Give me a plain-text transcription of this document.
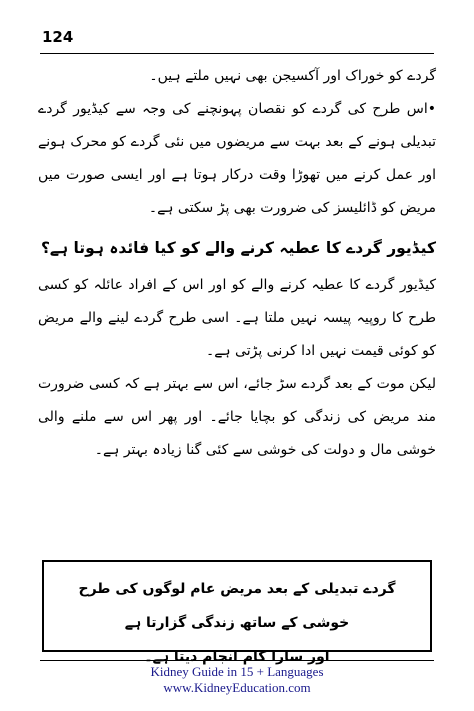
124

گردے کو خوراک اور آکسیجن بھی نہیں ملتے ہیں۔

•اس طرح کی گردے کو نقصان پہونچنے کی وجہ سے کیڈیور گردے تبدیلی ہونے کے بعد بہت سے مریضوں میں نئی گردے کو محرک ہونے اور عمل کرنے میں تھوڑا وقت درکار ہوتا ہے اور ایسی صورت میں مریض کو ڈائلیسز کی ضرورت بھی پڑ سکتی ہے۔

کیڈیور گردے کا عطیہ کرنے والے کو کیا فائدہ ہوتا ہے؟

کیڈیور گردے کا عطیہ کرنے والے کو اور اس کے افراد عائلہ کو کسی طرح کا روپیہ پیسہ نہیں ملتا ہے۔ اسی طرح گردے لینے والے مریض کو کوئی قیمت نہیں ادا کرنی پڑتی ہے۔

لیکن موت کے بعد گردے سڑ جائے، اس سے بہتر ہے کہ کسی ضرورت مند مریض کی زندگی کو بچایا جائے۔ اور پھر اس سے ملنے والی خوشی مال و دولت کی خوشی سے کئی گنا زیادہ بہتر ہے۔

گردے تبدیلی کے بعد مریض عام لوگوں کی طرح خوشی کے ساتھ زندگی گزارتا ہے
اور سارا کام انجام دیتا ہے۔
Kidney Guide in 15 + Languages
www.KidneyEducation.com
